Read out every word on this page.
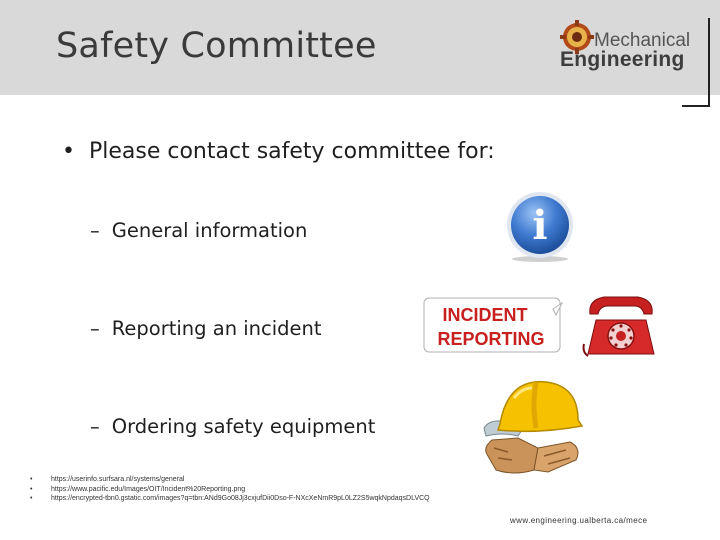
Safety Committee	Mechanical
Engineering
• Please contact safety committee for:
– General information
– Reporting an incident
– Ordering safety equipment
i
INCIDENT
REPORTING
• https://userinfo.surfsara.nl/systems/general
• https://www.pacific.edu/Images/OIT/Incident%20Reporting.png
• https://encrypted-tbn0.gstatic.com/images?q=tbn:ANd9Go08Jj3cxjufDii0Dso-F-NXcXeNmR9pL0LZ2S5wqkNpdaqsDLVCQ
www.engineering.ualberta.ca/mece
